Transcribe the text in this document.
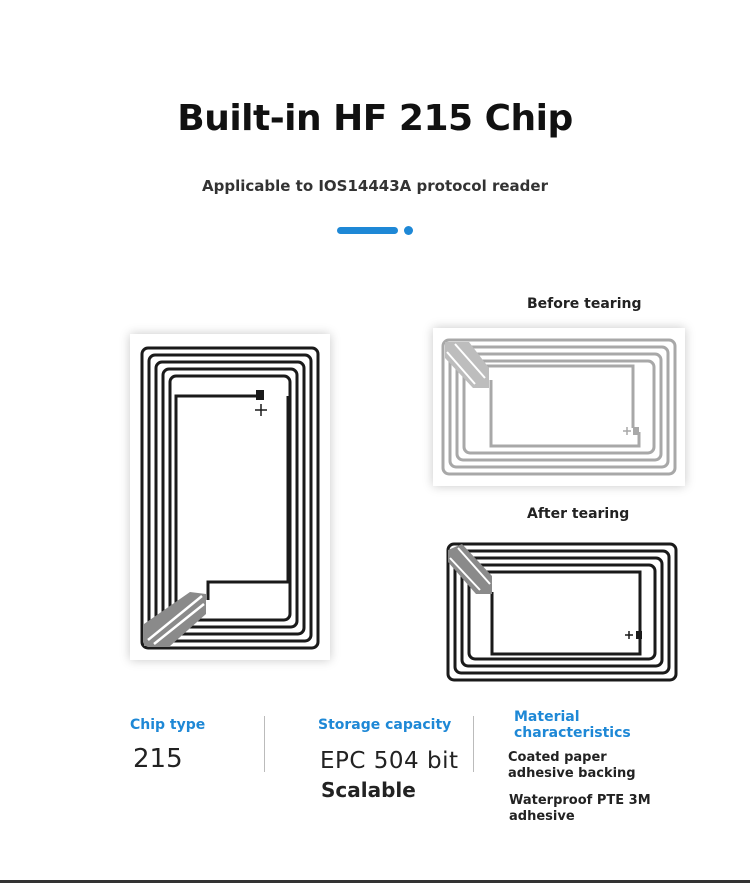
Built-in HF 215 Chip
Applicable to IOS14443A protocol reader
Before tearing
After tearing
Chip type
215
Storage capacity
EPC 504 bit
Scalable
Material
characteristics
Coated paper
adhesive backing
Waterproof PTE 3M
adhesive
